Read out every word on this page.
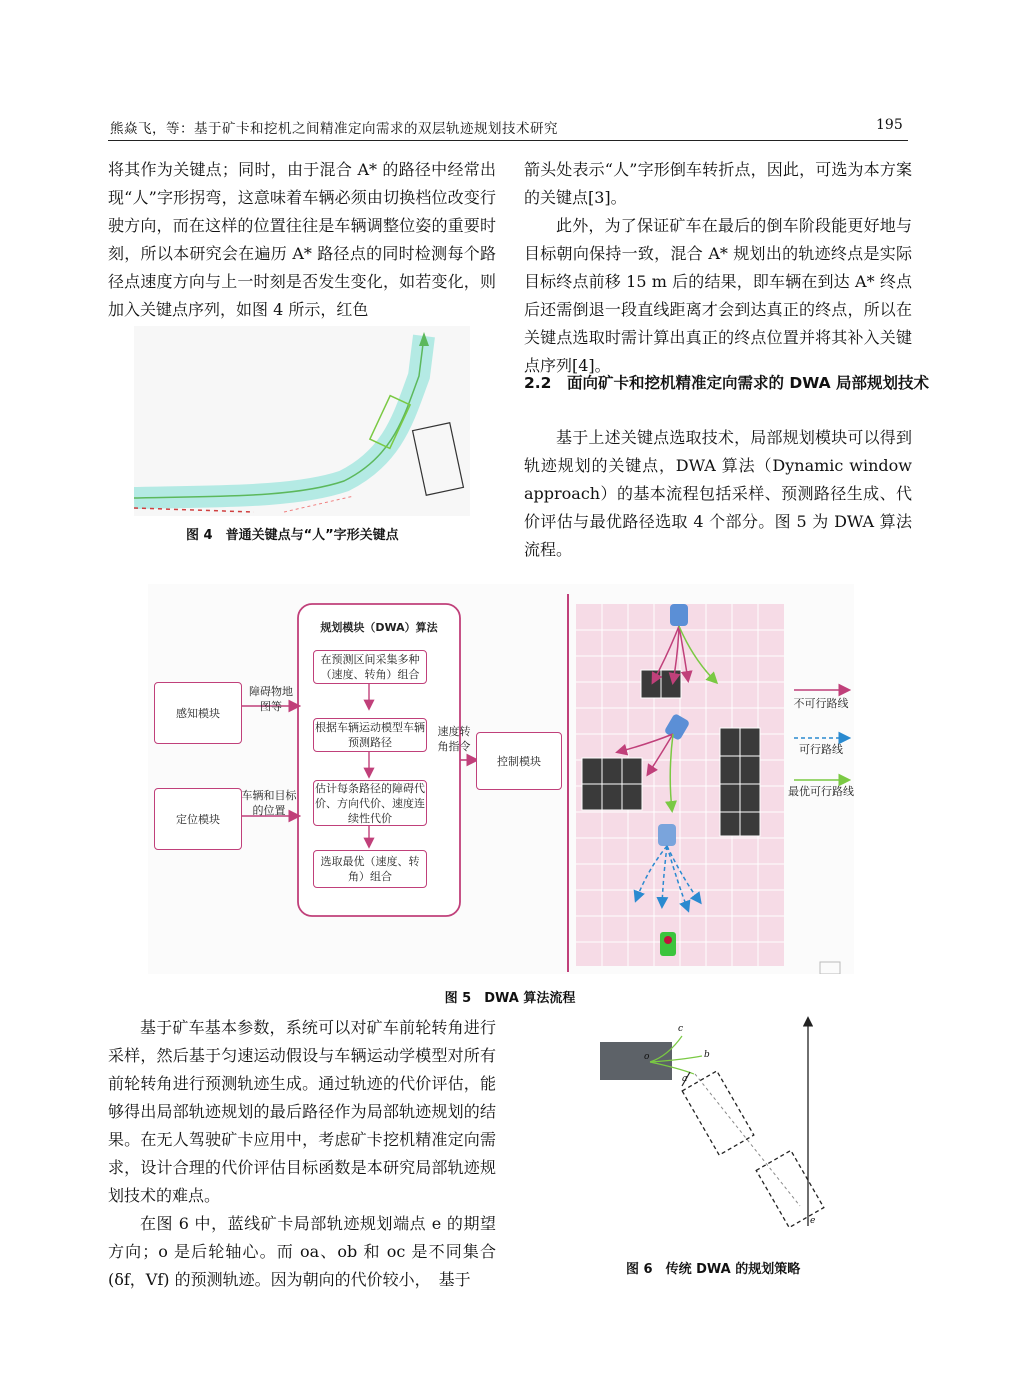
熊焱飞，等：基于矿卡和挖机之间精准定向需求的双层轨迹规划技术研究	195

将其作为关键点；同时，由于混合 A* 的路径中经常出现“人”字形拐弯，这意味着车辆必须由切换档位改变行驶方向，而在这样的位置往往是车辆调整位姿的重要时刻，所以本研究会在遍历 A* 路径点的同时检测每个路径点速度方向与上一时刻是否发生变化，如若变化，则加入关键点序列，如图 4 所示，红色

图 4　普通关键点与“人”字形关键点

箭头处表示“人”字形倒车转折点，因此，可选为本方案的关键点[3]。

此外，为了保证矿车在最后的倒车阶段能更好地与目标朝向保持一致，混合 A* 规划出的轨迹终点是实际目标终点前移 15 m 后的结果，即车辆在到达 A* 终点后还需倒退一段直线距离才会到达真正的终点，所以在关键点选取时需计算出真正的终点位置并将其补入关键点序列[4]。

2.2　面向矿卡和挖机精准定向需求的 DWA 局部规划技术
基于上述关键点选取技术，局部规划模块可以得到轨迹规划的关键点，DWA 算法（Dynamic window approach）的基本流程包括采样、预测路径生成、代价评估与最优路径选取 4 个部分。图 5 为 DWA 算法流程。
感知模块
定位模块
障碍物地图等
车辆和目标的位置
规划模块（DWA）算法
在预测区间采集多种（速度、转角）组合
根据车辆运动模型车辆预测路径
估计每条路径的障碍代价、方向代价、速度连续性代价
选取最优（速度、转角）组合
速度转角指令
控制模块
不可行路线
可行路线
最优可行路线
图 5　DWA 算法流程

基于矿车基本参数，系统可以对矿车前轮转角进行采样，然后基于匀速运动假设与车辆运动学模型对所有前轮转角进行预测轨迹生成。通过轨迹的代价评估，能够得出局部轨迹规划的最后路径作为局部轨迹规划的结果。在无人驾驶矿卡应用中，考虑矿卡挖机精准定向需求，设计合理的代价评估目标函数是本研究局部轨迹规划技术的难点。

在图 6 中，蓝线矿卡局部轨迹规划端点 e 的期望方向；o 是后轮轴心。而 oa、ob 和 oc 是不同集合 (δf，Vf) 的预测轨迹。因为朝向的代价较小，　基于

o
c
b
a
e
图 6　传统 DWA 的规划策略
